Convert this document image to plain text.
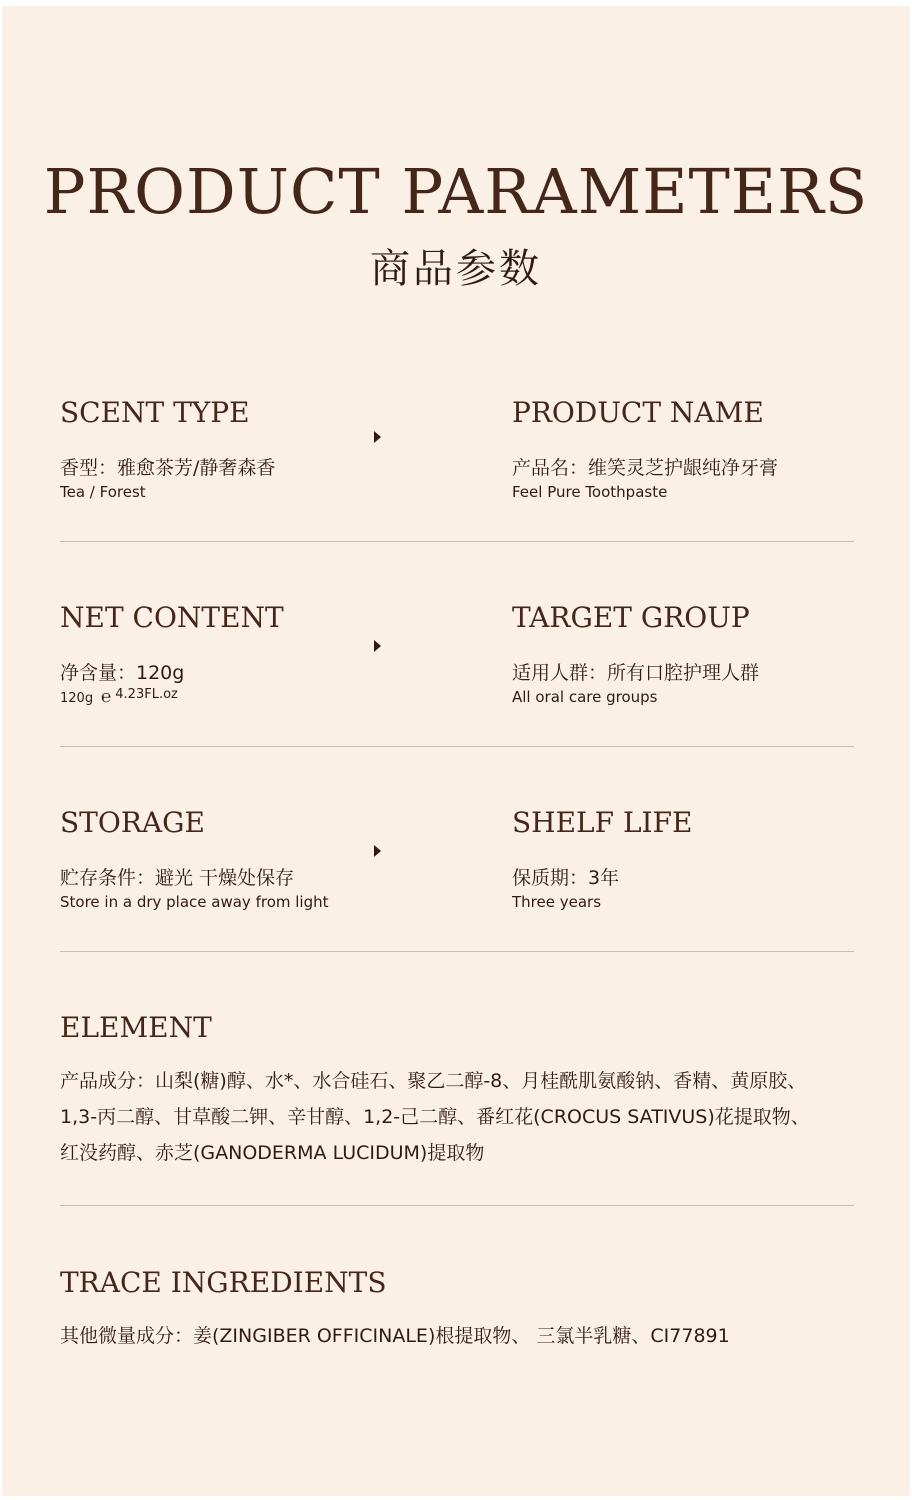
PRODUCT PARAMETERS
商品参数
SCENT TYPE
香型：雅愈茶芳/静奢森香
Tea / Forest
PRODUCT NAME
产品名：维笑灵芝护龈纯净牙膏
Feel Pure Toothpaste
NET CONTENT
净含量：120g
120g ℮ 4.23FL.oz
TARGET GROUP
适用人群：所有口腔护理人群
All oral care groups
STORAGE
贮存条件：避光 干燥处保存
Store in a dry place away from light
SHELF LIFE
保质期：3年
Three years
ELEMENT
产品成分：山梨(糖)醇、水*、水合硅石、聚乙二醇-8、月桂酰肌氨酸钠、香精、黄原胶、
1,3-丙二醇、甘草酸二钾、辛甘醇、1,2-己二醇、番红花(CROCUS SATIVUS)花提取物、
红没药醇、赤芝(GANODERMA LUCIDUM)提取物
TRACE INGREDIENTS
其他微量成分：姜(ZINGIBER OFFICINALE)根提取物、 三氯半乳糖、CI77891
